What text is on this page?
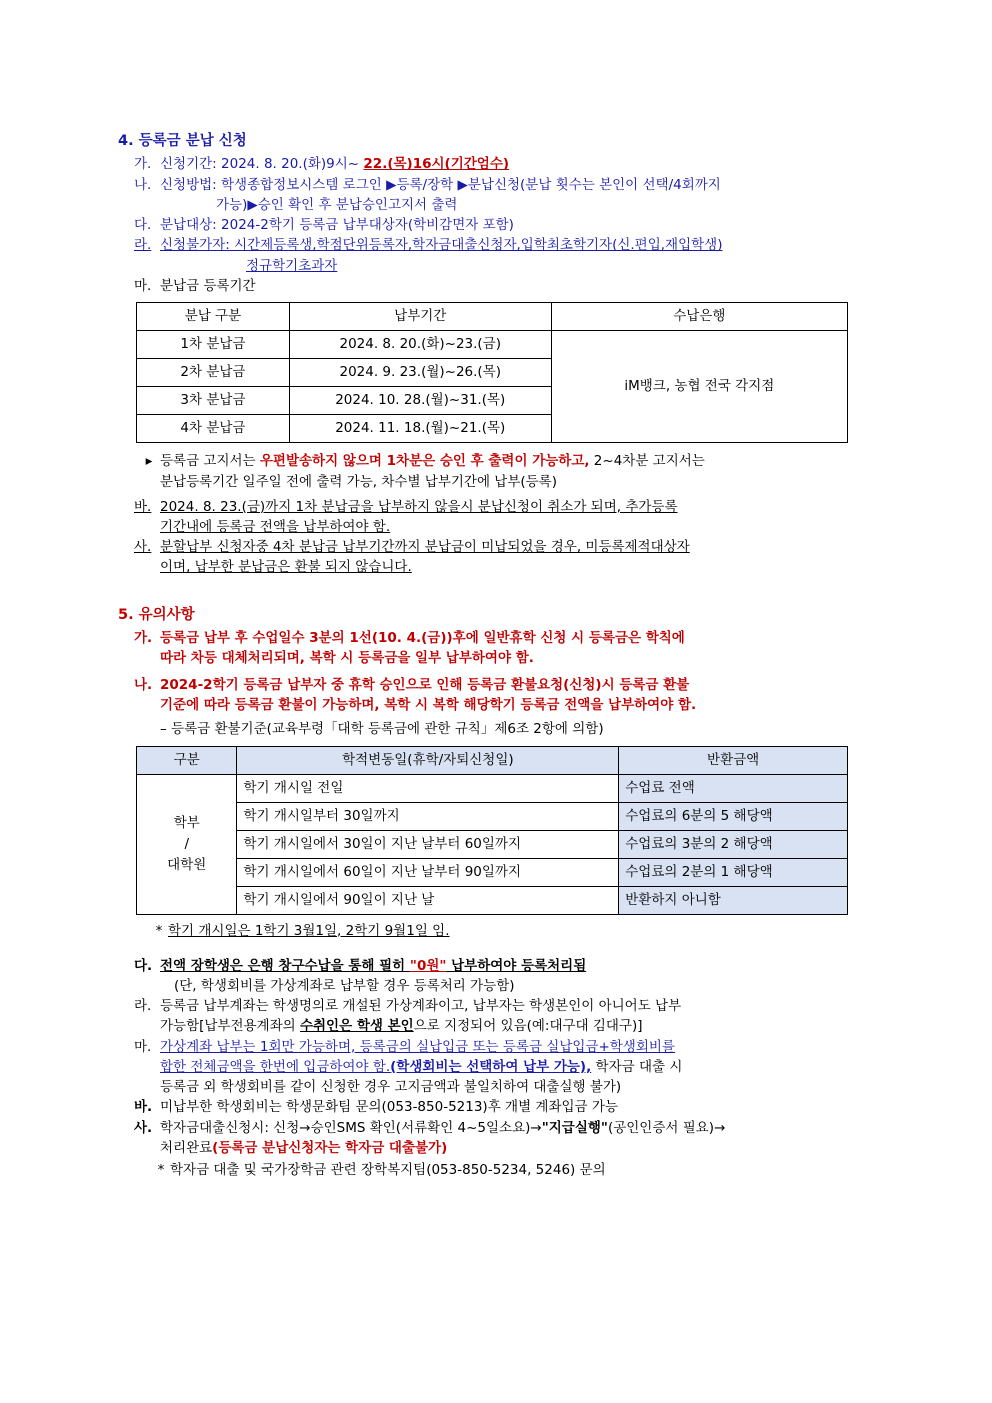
4. 등록금 분납 신청
가. 신청기간: 2024. 8. 20.(화)9시~ 22.(목)16시(기간엄수)
나. 신청방법: 학생종합정보시스템 로그인 ▶등록/장학 ▶분납신청(분납 횟수는 본인이 선택/4회까지
가능)▶승인 확인 후 분납승인고지서 출력
다. 분납대상: 2024-2학기 등록금 납부대상자(학비감면자 포함)
라. 신청불가자: 시간제등록생,학점단위등록자,학자금대출신청자,입학최초학기자(신.편입,재입학생)
정규학기초과자
마. 분납금 등록기간
분납 구분	납부기간	수납은행
1차 분납금	2024. 8. 20.(화)~23.(금)	iM뱅크, 농협 전국 각지점
2차 분납금	2024. 9. 23.(월)~26.(목)	
3차 분납금	2024. 10. 28.(월)~31.(목)	
4차 분납금	2024. 11. 18.(월)~21.(목)	
▸ 등록금 고지서는 우편발송하지 않으며 1차분은 승인 후 출력이 가능하고, 2~4차분 고지서는
분납등록기간 일주일 전에 출력 가능, 차수별 납부기간에 납부(등록)
바. 2024. 8. 23.(금)까지 1차 분납금을 납부하지 않을시 분납신청이 취소가 되며, 추가등록
기간내에 등록금 전액을 납부하여야 함.
사. 분할납부 신청자중 4차 분납금 납부기간까지 분납금이 미납되었을 경우, 미등록제적대상자
이며, 납부한 분납금은 환불 되지 않습니다.
5. 유의사항
가. 등록금 납부 후 수업일수 3분의 1선(10. 4.(금))후에 일반휴학 신청 시 등록금은 학칙에
따라 차등 대체처리되며, 복학 시 등록금을 일부 납부하여야 함.
나. 2024-2학기 등록금 납부자 중 휴학 승인으로 인해 등록금 환불요청(신청)시 등록금 환불
기준에 따라 등록금 환불이 가능하며, 복학 시 복학 해당학기 등록금 전액을 납부하여야 함.
– 등록금 환불기준(교육부령「대학 등록금에 관한 규칙」제6조 2항에 의함)
구분	학적변동일(휴학/자퇴신청일)	반환금액

학부
/
대학원	학기 개시일 전일	수업료 전액
	학기 개시일부터 30일까지	수업료의 6분의 5 해당액
	학기 개시일에서 30일이 지난 날부터 60일까지	수업료의 3분의 2 해당액
	학기 개시일에서 60일이 지난 날부터 90일까지	수업료의 2분의 1 해당액
	학기 개시일에서 90일이 지난 날	반환하지 아니함
* 학기 개시일은 1학기 3월1일, 2학기 9월1일 임.
다. 전액 장학생은 은행 창구수납을 통해 필히 "0원" 납부하여야 등록처리됨
(단, 학생회비를 가상계좌로 납부할 경우 등록처리 가능함)
라. 등록금 납부계좌는 학생명의로 개설된 가상계좌이고, 납부자는 학생본인이 아니어도 납부
가능함[납부전용계좌의 수취인은 학생 본인으로 지정되어 있음(예:대구대 김대구)]
마. 가상계좌 납부는 1회만 가능하며, 등록금의 실납입금 또는 등록금 실납입금+학생회비를
합한 전체금액을 한번에 입금하여야 함.(학생회비는 선택하여 납부 가능), 학자금 대출 시
등록금 외 학생회비를 같이 신청한 경우 고지금액과 불일치하여 대출실행 불가)
바. 미납부한 학생회비는 학생문화팀 문의(053-850-5213)후 개별 계좌입금 가능
사. 학자금대출신청시: 신청→승인SMS 확인(서류확인 4~5일소요)→"지급실행"(공인인증서 필요)→
처리완료(등록금 분납신청자는 학자금 대출불가)
* 학자금 대출 및 국가장학금 관련 장학복지팀(053-850-5234, 5246) 문의
